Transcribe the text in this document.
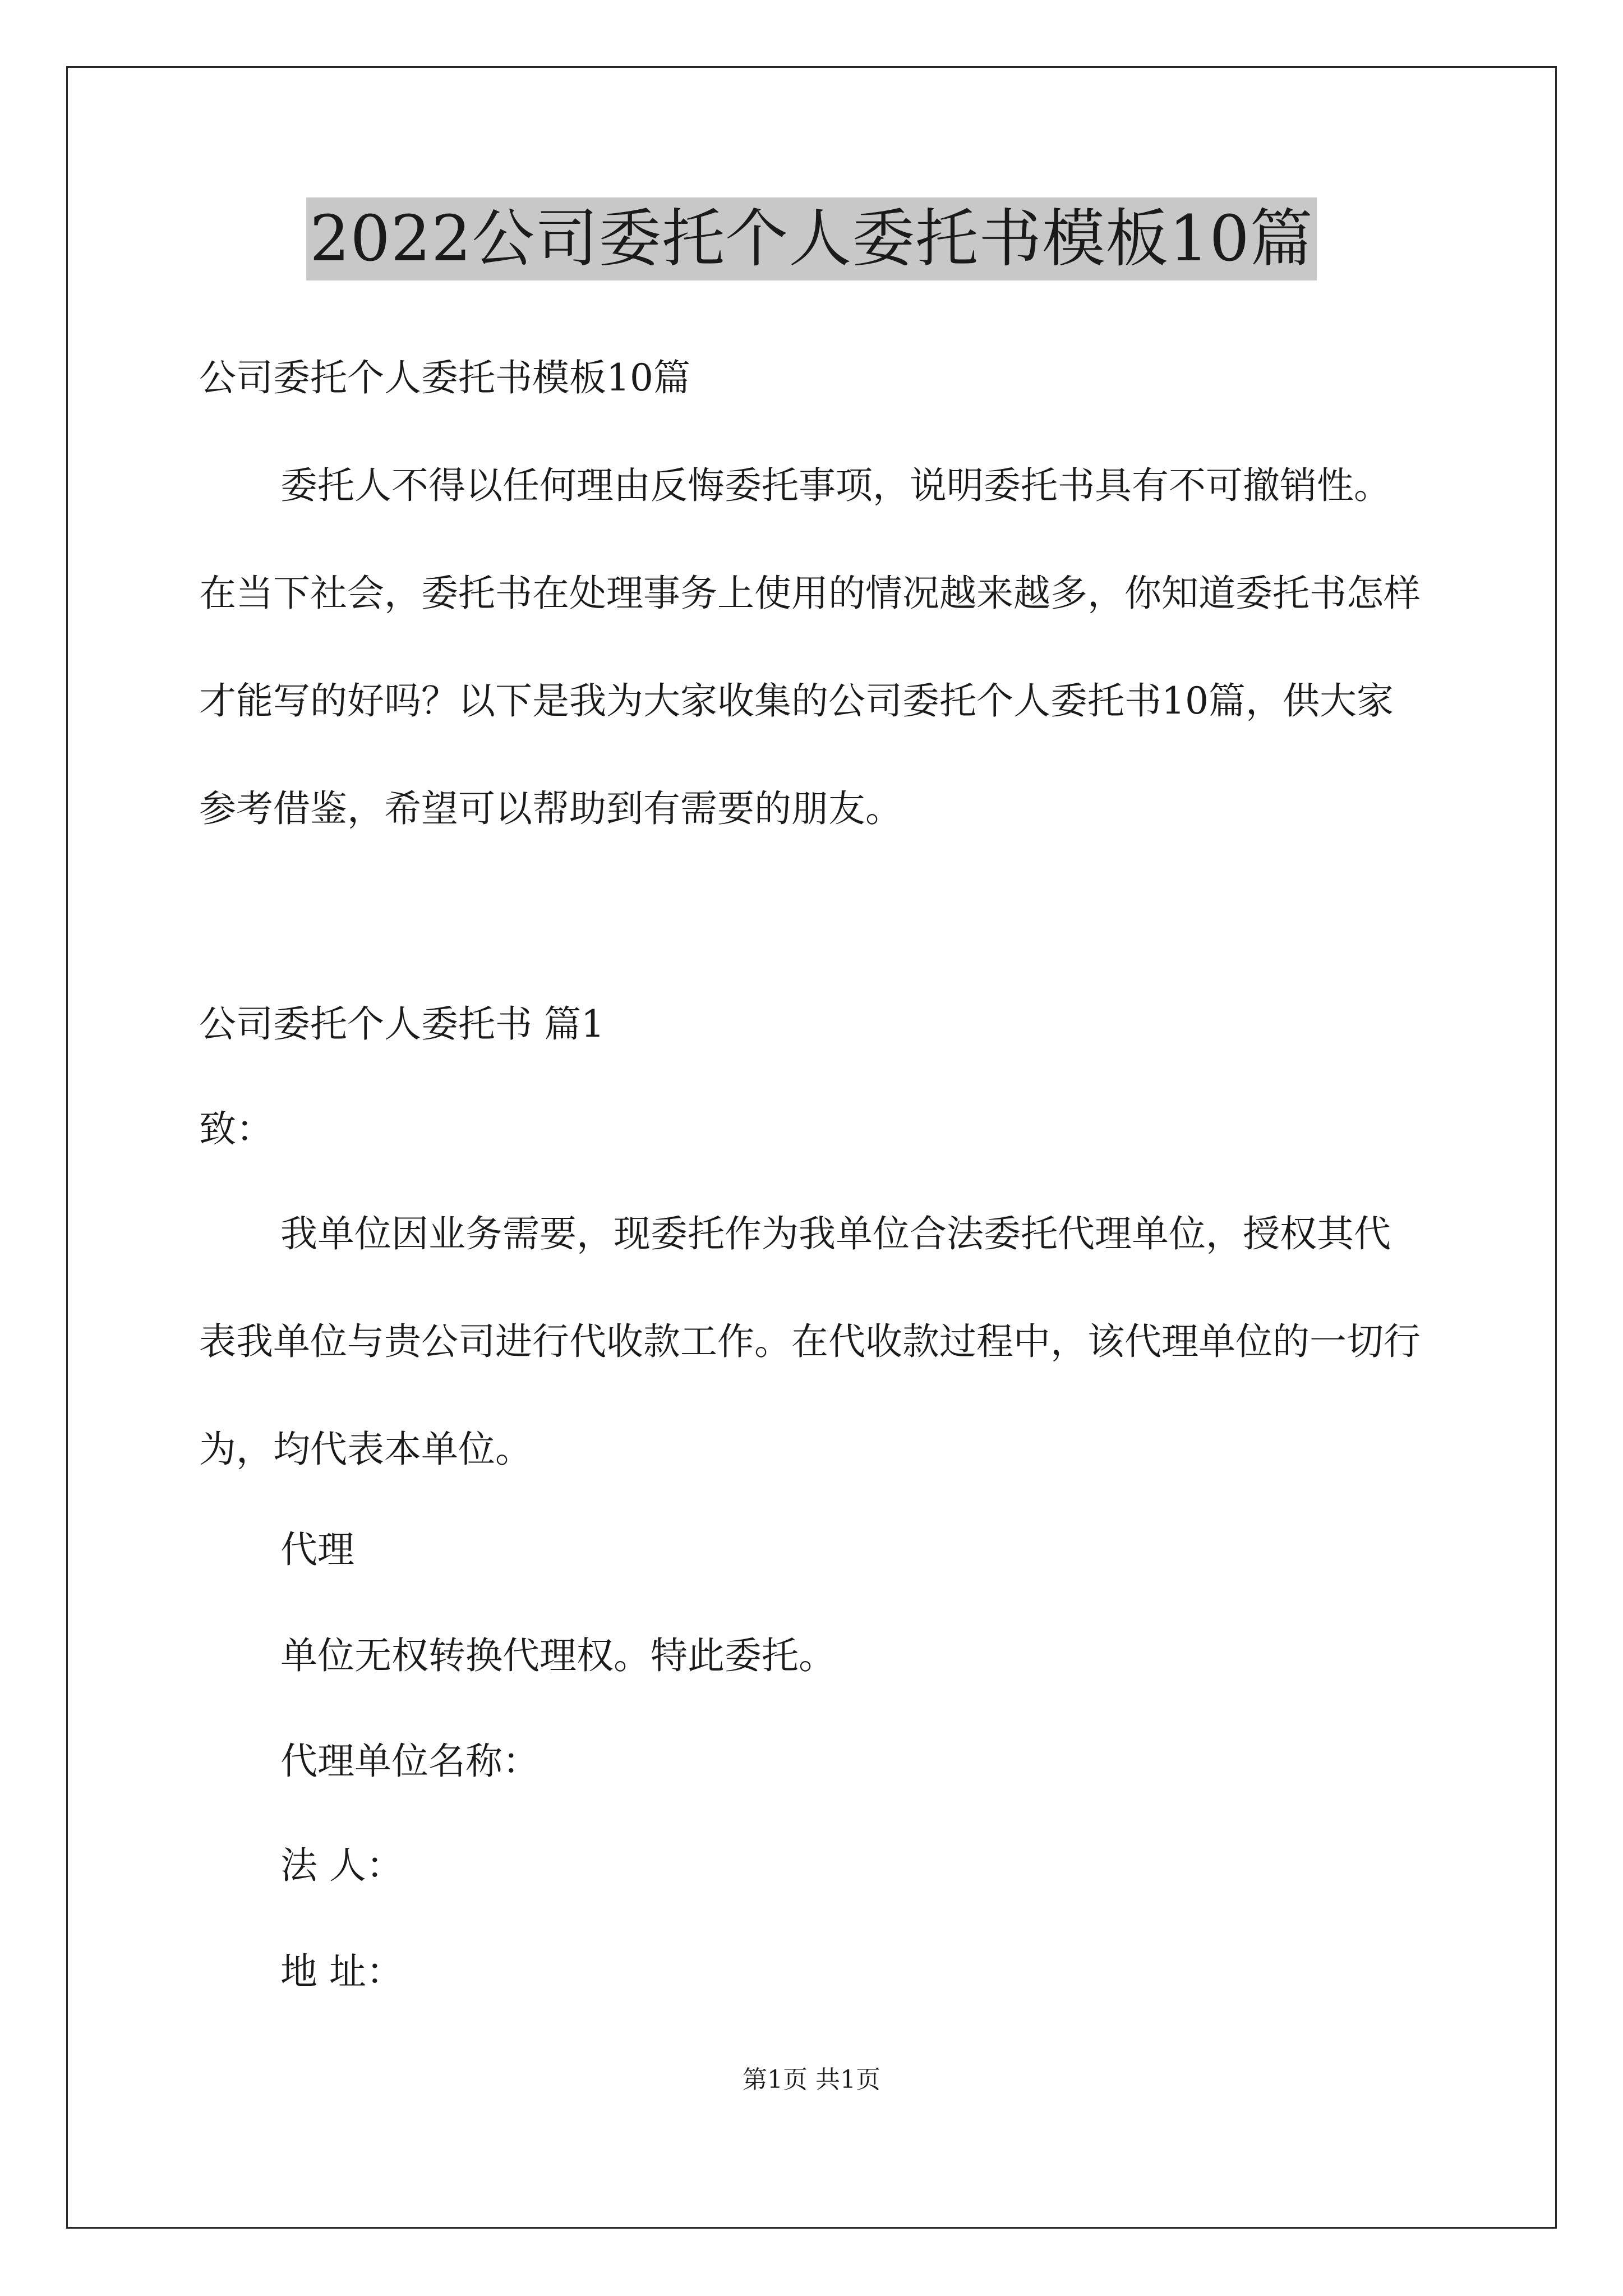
2022公司委托个人委托书模板10篇
公司委托个人委托书模板10篇
委托人不得以任何理由反悔委托事项，说明委托书具有不可撤销性。在当下社会，委托书在处理事务上使用的情况越来越多，你知道委托书怎样才能写的好吗？以下是我为大家收集的公司委托个人委托书10篇，供大家参考借鉴，希望可以帮助到有需要的朋友。
公司委托个人委托书 篇1
致：
我单位因业务需要，现委托作为我单位合法委托代理单位，授权其代表我单位与贵公司进行代收款工作。在代收款过程中，该代理单位的一切行为，均代表本单位。
代理
单位无权转换代理权。特此委托。
代理单位名称：
法 人：
地 址：
第1页 共1页
